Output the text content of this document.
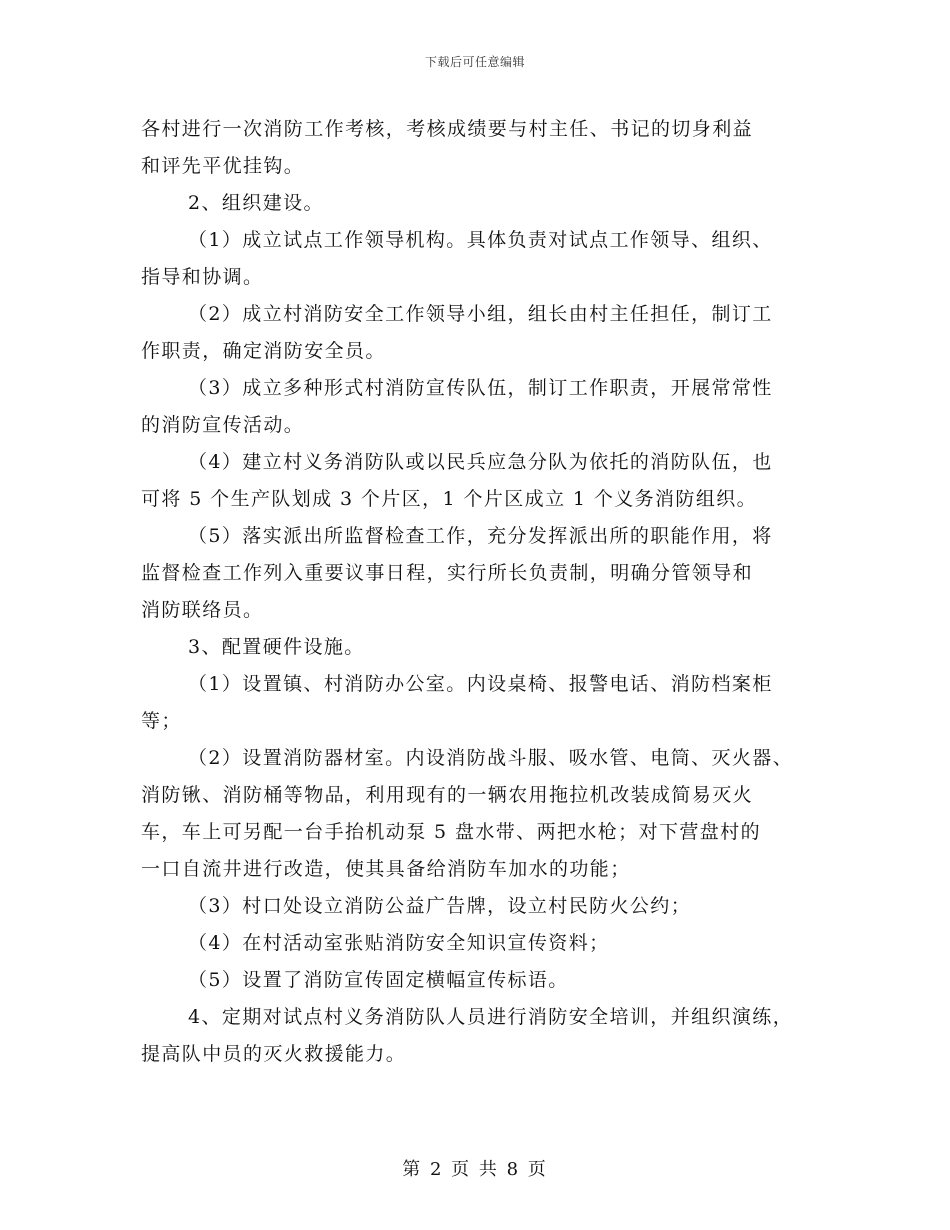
下载后可任意编辑
各村进行一次消防工作考核，考核成绩要与村主任、书记的切身利益
和评先平优挂钩。
2、组织建设。
（1）成立试点工作领导机构。具体负责对试点工作领导、组织、
指导和协调。
（2）成立村消防安全工作领导小组，组长由村主任担任，制订工
作职责，确定消防安全员。
（3）成立多种形式村消防宣传队伍，制订工作职责，开展常常性
的消防宣传活动。
（4）建立村义务消防队或以民兵应急分队为依托的消防队伍，也
可将 5 个生产队划成 3 个片区，1 个片区成立 1 个义务消防组织。
（5）落实派出所监督检查工作，充分发挥派出所的职能作用，将
监督检查工作列入重要议事日程，实行所长负责制，明确分管领导和
消防联络员。
3、配置硬件设施。
（1）设置镇、村消防办公室。内设桌椅、报警电话、消防档案柜
等；
（2）设置消防器材室。内设消防战斗服、吸水管、电筒、灭火器、
消防锹、消防桶等物品，利用现有的一辆农用拖拉机改装成简易灭火
车，车上可另配一台手抬机动泵 5 盘水带、两把水枪；对下营盘村的
一口自流井进行改造，使其具备给消防车加水的功能；
（3）村口处设立消防公益广告牌，设立村民防火公约；
（4）在村活动室张贴消防安全知识宣传资料；
（5）设置了消防宣传固定横幅宣传标语。
4、定期对试点村义务消防队人员进行消防安全培训，并组织演练，
提高队中员的灭火救援能力。
第 2 页 共 8 页
